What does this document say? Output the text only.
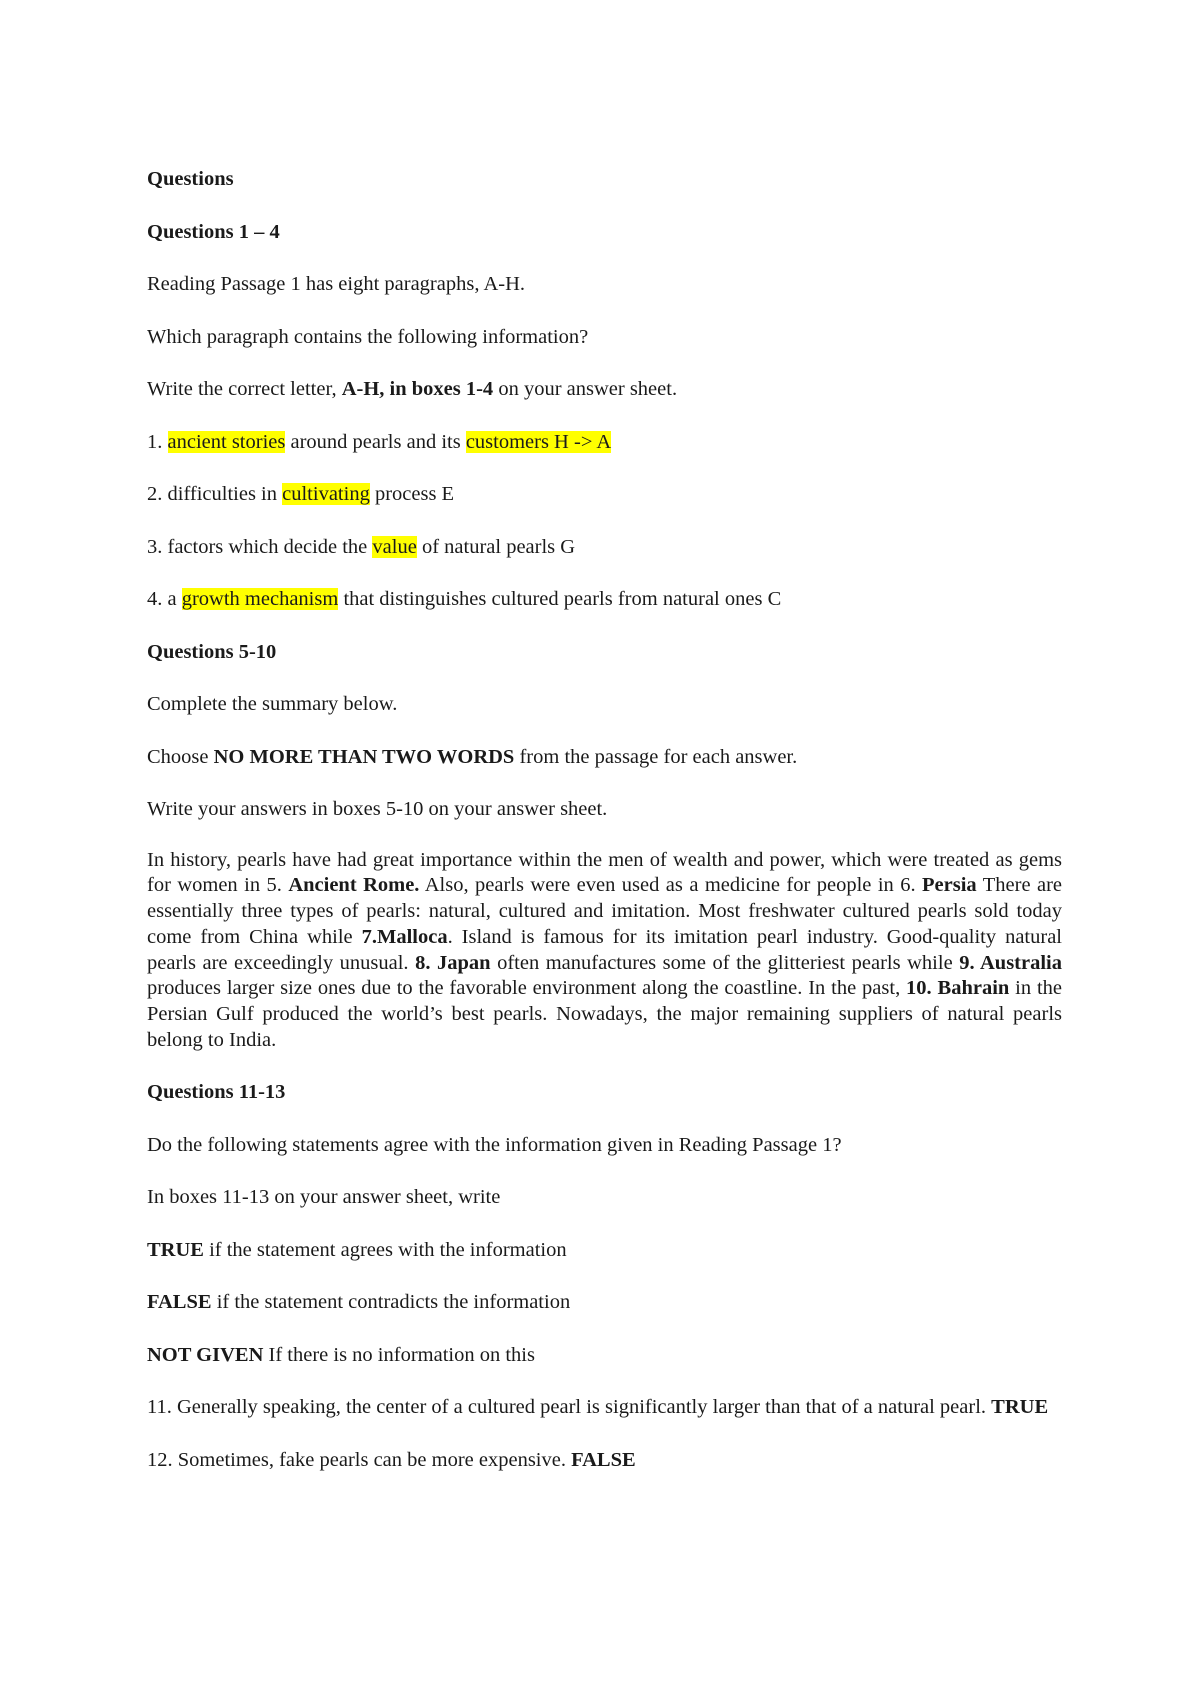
Questions

Questions 1 – 4

Reading Passage 1 has eight paragraphs, A-H.

Which paragraph contains the following information?

Write the correct letter, A-H, in boxes 1-4 on your answer sheet.

1. ancient stories around pearls and its customers H -> A

2. difficulties in cultivating process E

3. factors which decide the value of natural pearls G

4. a growth mechanism that distinguishes cultured pearls from natural ones C

Questions 5-10

Complete the summary below.

Choose NO MORE THAN TWO WORDS from the passage for each answer.

Write your answers in boxes 5-10 on your answer sheet.

In history, pearls have had great importance within the men of wealth and power, which were treated as gems for women in 5. Ancient Rome. Also, pearls were even used as a medicine for people in 6. Persia There are essentially three types of pearls: natural, cultured and imitation. Most freshwater cultured pearls sold today come from China while 7.Malloca. Island is famous for its imitation pearl industry. Good-quality natural pearls are exceedingly unusual. 8. Japan often manufactures some of the glitteriest pearls while 9. Australia produces larger size ones due to the favorable environment along the coastline. In the past, 10. Bahrain in the Persian Gulf produced the world’s best pearls. Nowadays, the major remaining suppliers of natural pearls belong to India.

Questions 11-13

Do the following statements agree with the information given in Reading Passage 1?

In boxes 11-13 on your answer sheet, write

TRUE if the statement agrees with the information

FALSE if the statement contradicts the information

NOT GIVEN If there is no information on this

11. Generally speaking, the center of a cultured pearl is significantly larger than that of a natural pearl. TRUE

12. Sometimes, fake pearls can be more expensive. FALSE
